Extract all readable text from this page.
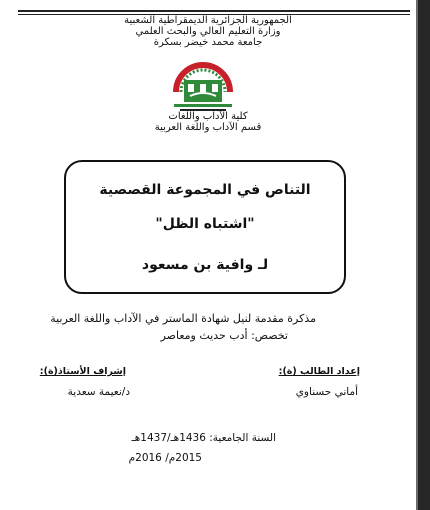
الجمهورية الجزائرية الديمقراطية الشعبية

وزارة التعليم العالي والبحث العلمي

جامعة محمد خيضر بسكرة

كلية الآداب واللغات

قسم الآداب واللغة العربية

التناص في المجموعة القصصية

"اشتباه الظل"

لـ وافية بن مسعود

مذكرة مقدمة لنيل شهادة الماستر في الآداب واللغة العربية

تخصص: أدب حديث ومعاصر

إعداد الطالب (ة):

إشراف الأستاذ(ة):

أماني حسناوي

د/نعيمة سعدية

السنة الجامعية: 1436هـ/1437هـ

2015م/ 2016م
